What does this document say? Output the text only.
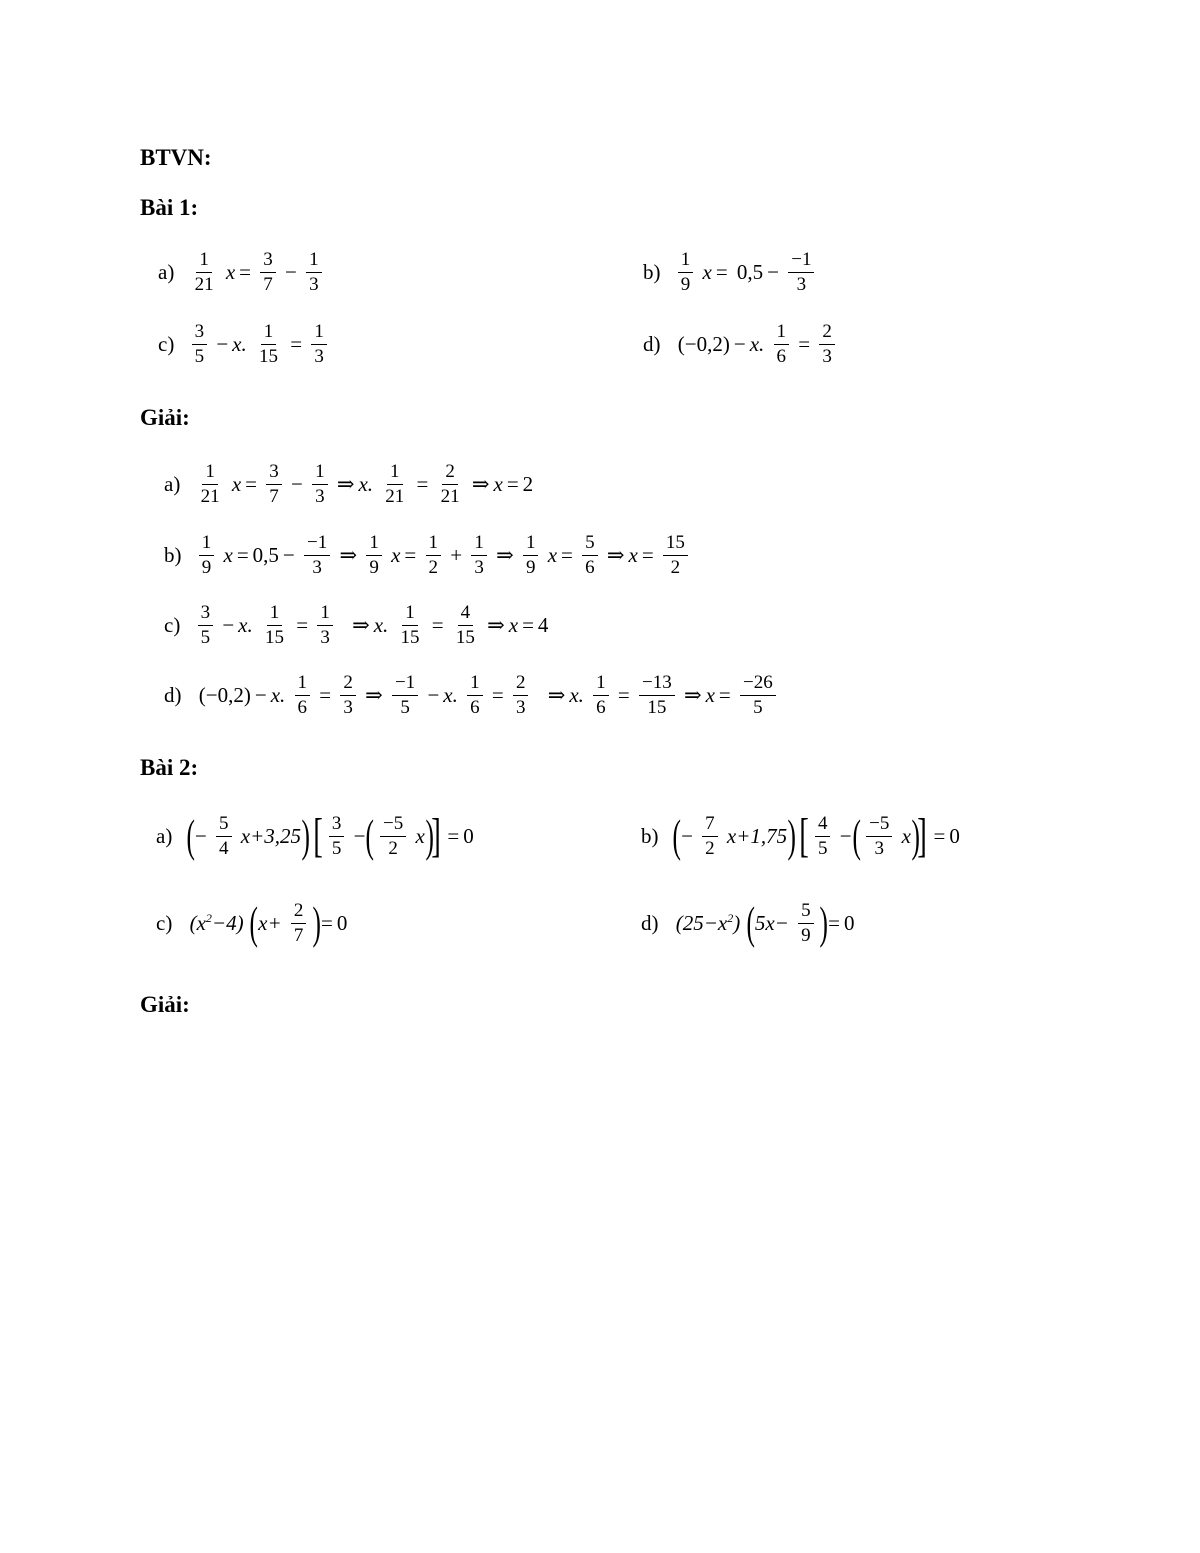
BTVN:
Bài 1:
$a) \frac{1}{21}$ $x = \frac{3}{7} - \frac{1}{3}$	$b) \frac{1}{9}$ $x = 0,5 - \frac{-1}{3}$
$c) \frac{3}{5} - x$. $\frac{1}{15} = \frac{1}{3}$	d) (−0,2) − x. $\frac{1}{6} = \frac{2}{3}$
Giải:
$a) \frac{1}{21}$ $x = \frac{3}{7} - \frac{1}{3}$ ⇒ x. $\frac{1}{21} = \frac{2}{21}$ ⇒ x = 2
$b) \frac{1}{9}$ $x = 0,5 - \frac{-1}{3}$ ⇒ $\frac{1}{9}$ $x = \frac{1}{2} + \frac{1}{3}$ ⇒ $\frac{1}{9}$ $x = \frac{5}{6}$ ⇒ $x = \frac{15}{2}$
$c) \frac{3}{5} - x$. $\frac{1}{15} = \frac{1}{3}$ ⇒ x. $\frac{1}{15} = \frac{4}{15}$ ⇒ x = 4
d) (−0,2) − x. $\frac{1}{6} = \frac{2}{3}$ ⇒ $\frac{-1}{5} - x$. $\frac{1}{6} = \frac{2}{3}$ ⇒ x. $\frac{1}{6} = \frac{-13}{15}$ ⇒ $x = \frac{-26}{5}$
Bài 2:
a) (− $\frac{5}{4} x+3,25$) [ $\frac{3}{5}$ −( $\frac{-5}{2} x)] = 0$	b) (− $\frac{7}{2} x+1,75$) [ $\frac{4}{5}$ −( $\frac{-5}{3} x)] = 0$
c) $(x^2-4)$ ($x+ \frac{2}{7}$ )= 0	d) $(25-x^2)$ ($5x- \frac{5}{9}$ )= 0
Giải:
